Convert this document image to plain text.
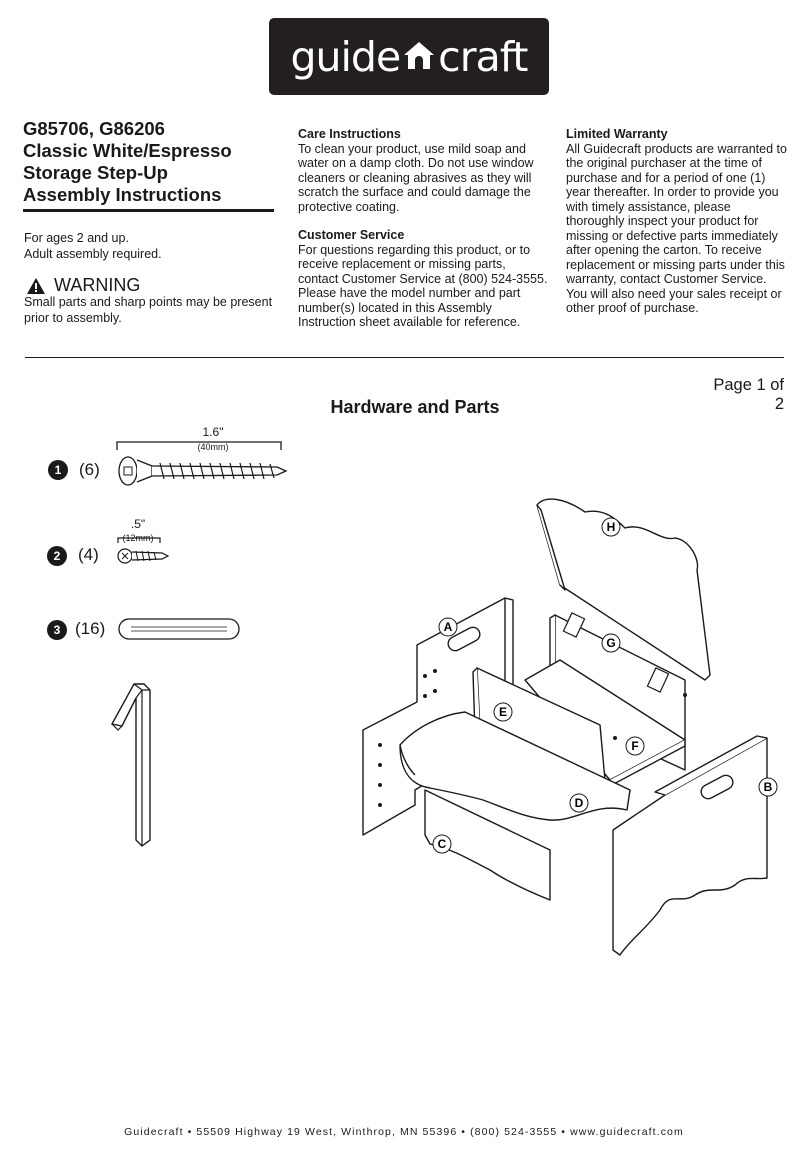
guide craft
G85706, G86206
Classic White/Espresso
Storage Step-Up
Assembly Instructions
For ages 2 and up.
Adult assembly required.
WARNING
Small parts and sharp points may be present prior to assembly.
Care Instructions
To clean your product, use mild soap and
water on a damp cloth. Do not use window
cleaners or cleaning abrasives as they will
scratch the surface and could damage the
protective coating.
Customer Service
For questions regarding this product, or to
receive replacement or missing parts,
contact Customer Service at (800) 524-3555.
Please have the model number and part
number(s) located in this Assembly
Instruction sheet available for reference.
Limited Warranty
All Guidecraft products are warranted to
the original purchaser at the time of
purchase and for a period of one (1)
year thereafter. In order to provide you
with timely assistance, please
thoroughly inspect your product for
missing or defective parts immediately
after opening the carton. To receive
replacement or missing parts under this
warranty, contact Customer Service.
You will also need your sales receipt or
other proof of purchase.
Page 1 of 2
Hardware and Parts
1	(6)
1.6"
(40mm)
2	(4)
.5"
(12mm)
3 (16)	A
B
C
D
E
F
G
H
Guidecraft • 55509 Highway 19 West, Winthrop, MN 55396 • (800) 524-3555 • www.guidecraft.com
